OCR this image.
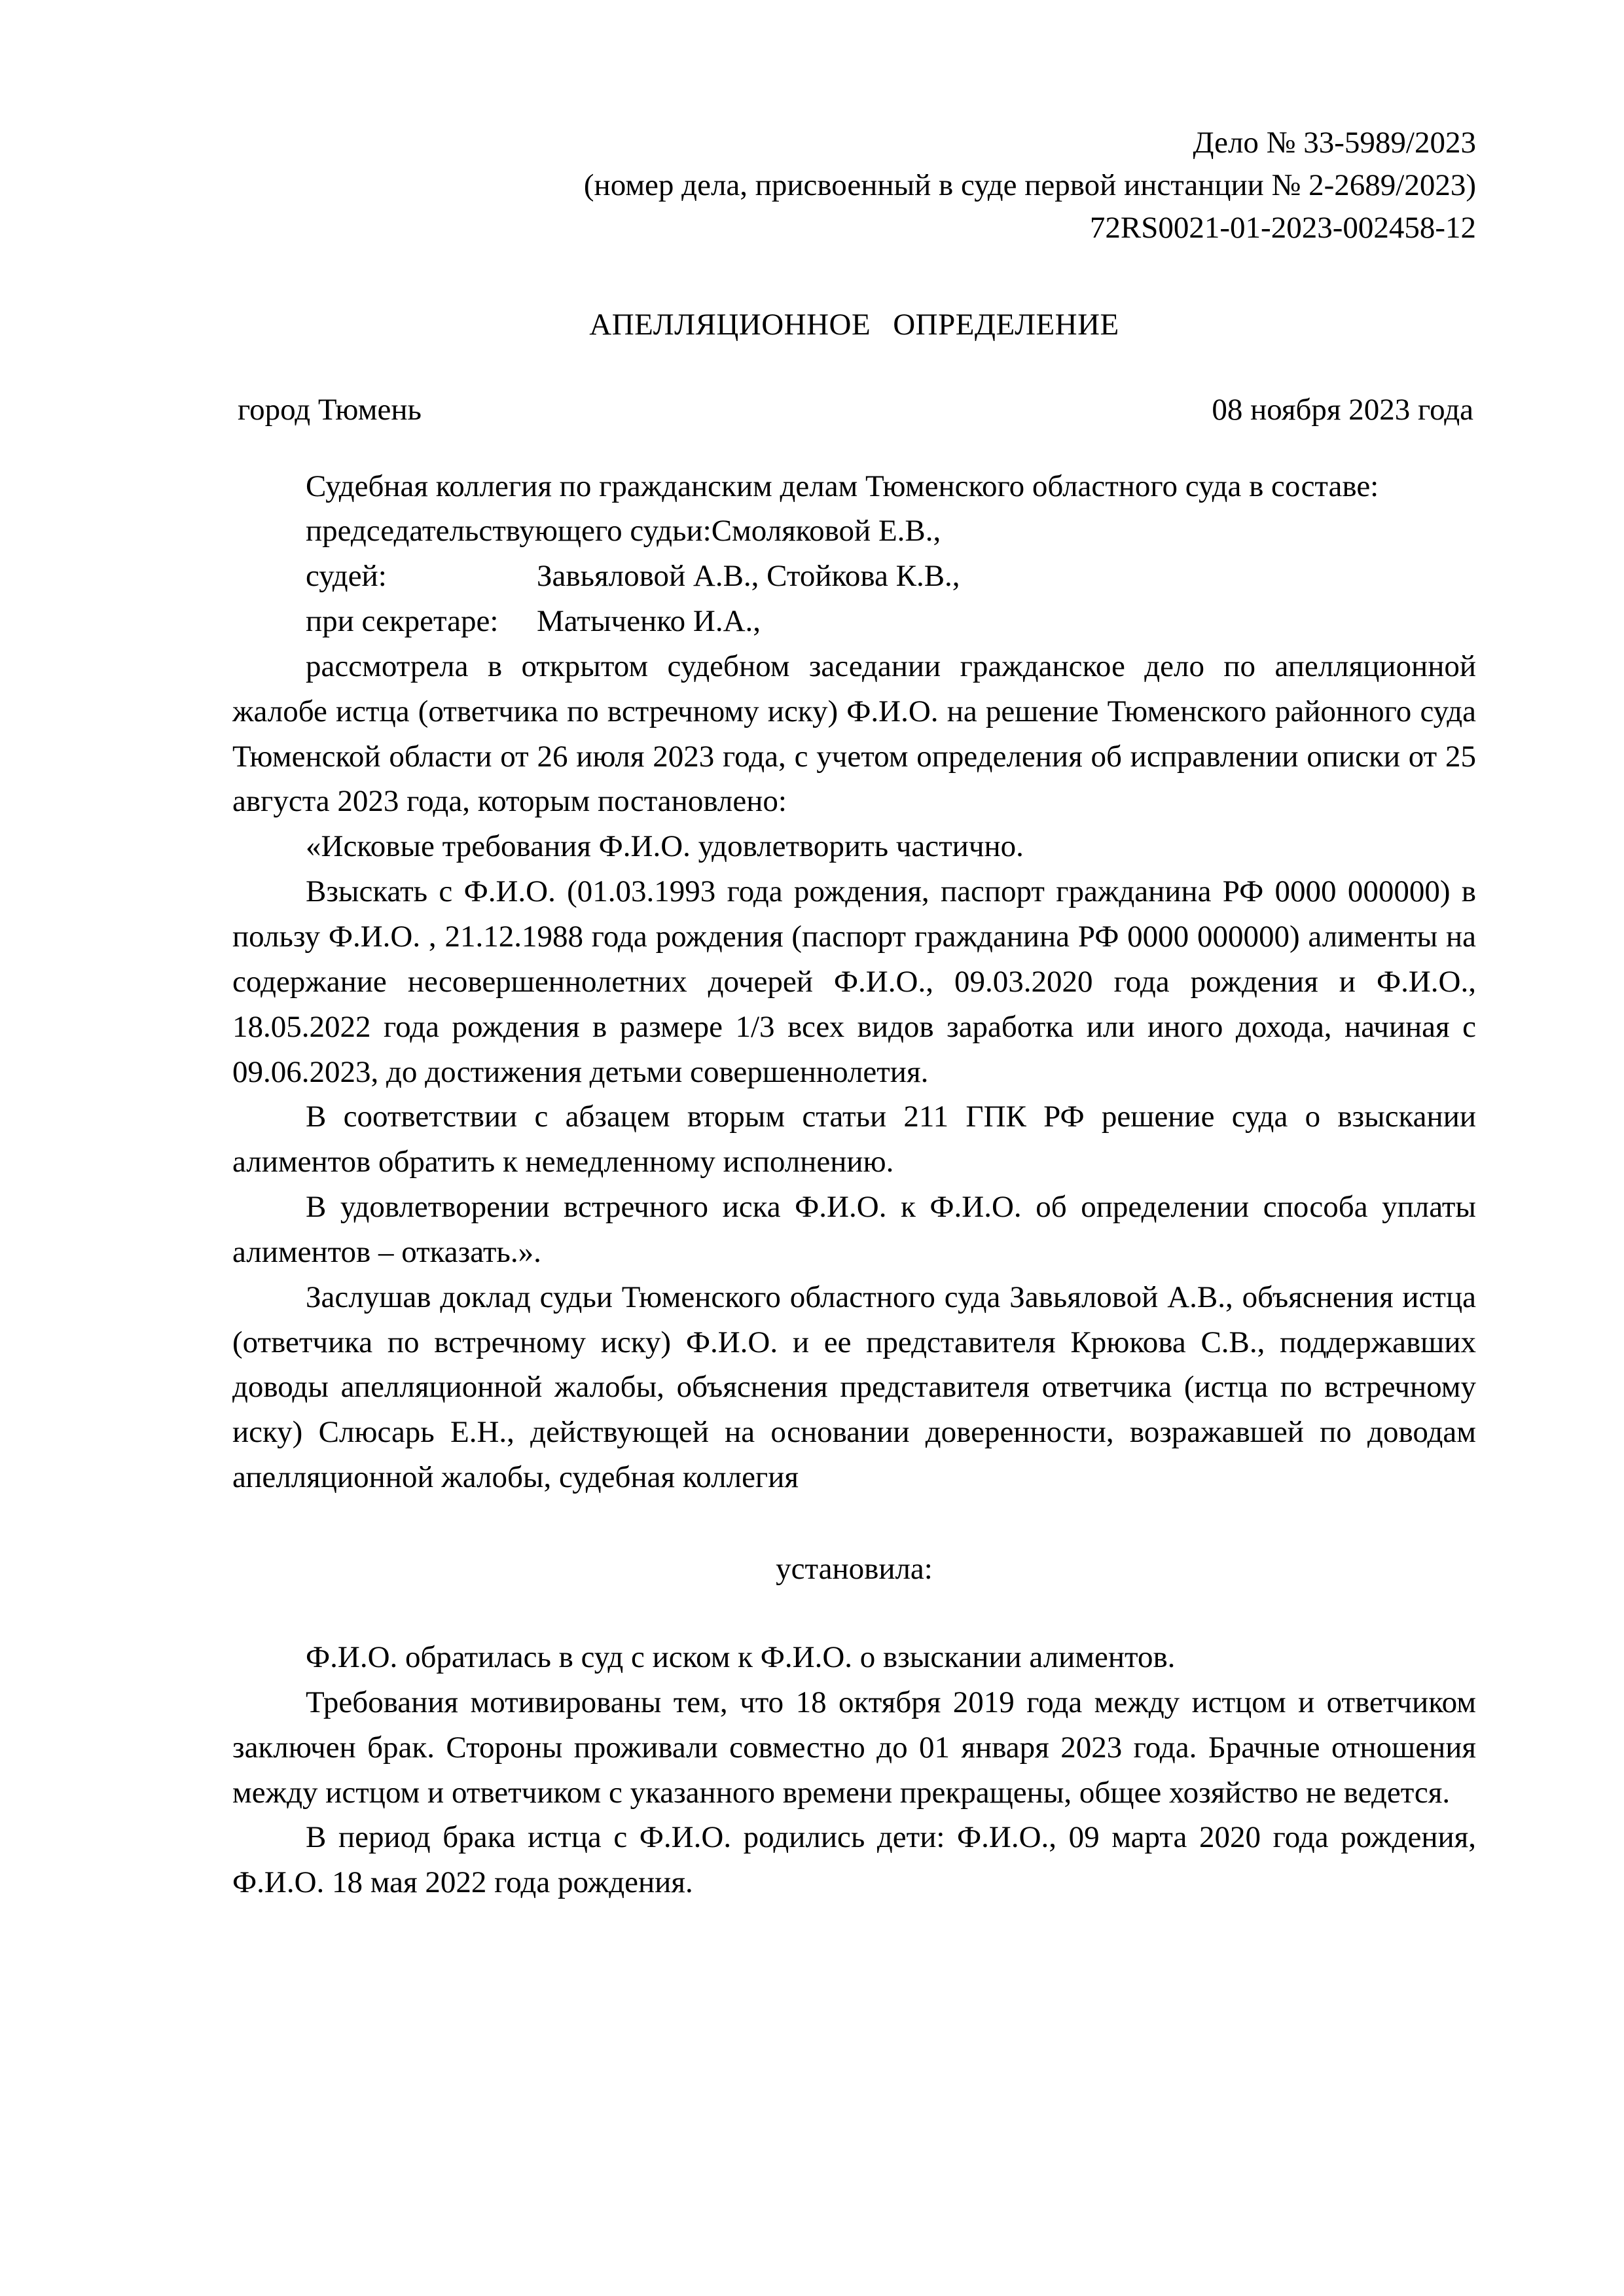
Дело № 33-5989/2023
(номер дела, присвоенный в суде первой инстанции № 2-2689/2023)
72RS0021-01-2023-002458-12
АПЕЛЛЯЦИОННОЕ ОПРЕДЕЛЕНИЕ
город Тюмень	08 ноября 2023 года

Судебная коллегия по гражданским делам Тюменского областного суда в составе:

председательствующего судьи: Смоляковой Е.В.,
судей:	Завьяловой А.В., Стойкова К.В.,
при секретаре:	Матыченко И.А.,

рассмотрела в открытом судебном заседании гражданское дело по апелляционной жалобе истца (ответчика по встречному иску) Ф.И.О. на решение Тюменского районного суда Тюменской области от 26 июля 2023 года, с учетом определения об исправлении описки от 25 августа 2023 года, которым постановлено:

«Исковые требования Ф.И.О. удовлетворить частично.

Взыскать с Ф.И.О. (01.03.1993 года рождения, паспорт гражданина РФ 0000 000000) в пользу Ф.И.О. , 21.12.1988 года рождения (паспорт гражданина РФ 0000 000000) алименты на содержание несовершеннолетних дочерей Ф.И.О., 09.03.2020 года рождения и Ф.И.О., 18.05.2022 года рождения в размере 1/3 всех видов заработка или иного дохода, начиная с 09.06.2023, до достижения детьми совершеннолетия.

В соответствии с абзацем вторым статьи 211 ГПК РФ решение суда о взыскании алиментов обратить к немедленному исполнению.

В удовлетворении встречного иска Ф.И.О. к Ф.И.О. об определении способа уплаты алиментов – отказать.».

Заслушав доклад судьи Тюменского областного суда Завьяловой А.В., объяснения истца (ответчика по встречному иску) Ф.И.О. и ее представителя Крюкова С.В., поддержавших доводы апелляционной жалобы, объяснения представителя ответчика (истца по встречному иску) Слюсарь Е.Н., действующей на основании доверенности, возражавшей по доводам апелляционной жалобы, судебная коллегия

установила:

Ф.И.О. обратилась в суд с иском к Ф.И.О. о взыскании алиментов.

Требования мотивированы тем, что 18 октября 2019 года между истцом и ответчиком заключен брак. Стороны проживали совместно до 01 января 2023 года. Брачные отношения между истцом и ответчиком с указанного времени прекращены, общее хозяйство не ведется.

В период брака истца с Ф.И.О. родились дети: Ф.И.О., 09 марта 2020 года рождения, Ф.И.О. 18 мая 2022 года рождения.
